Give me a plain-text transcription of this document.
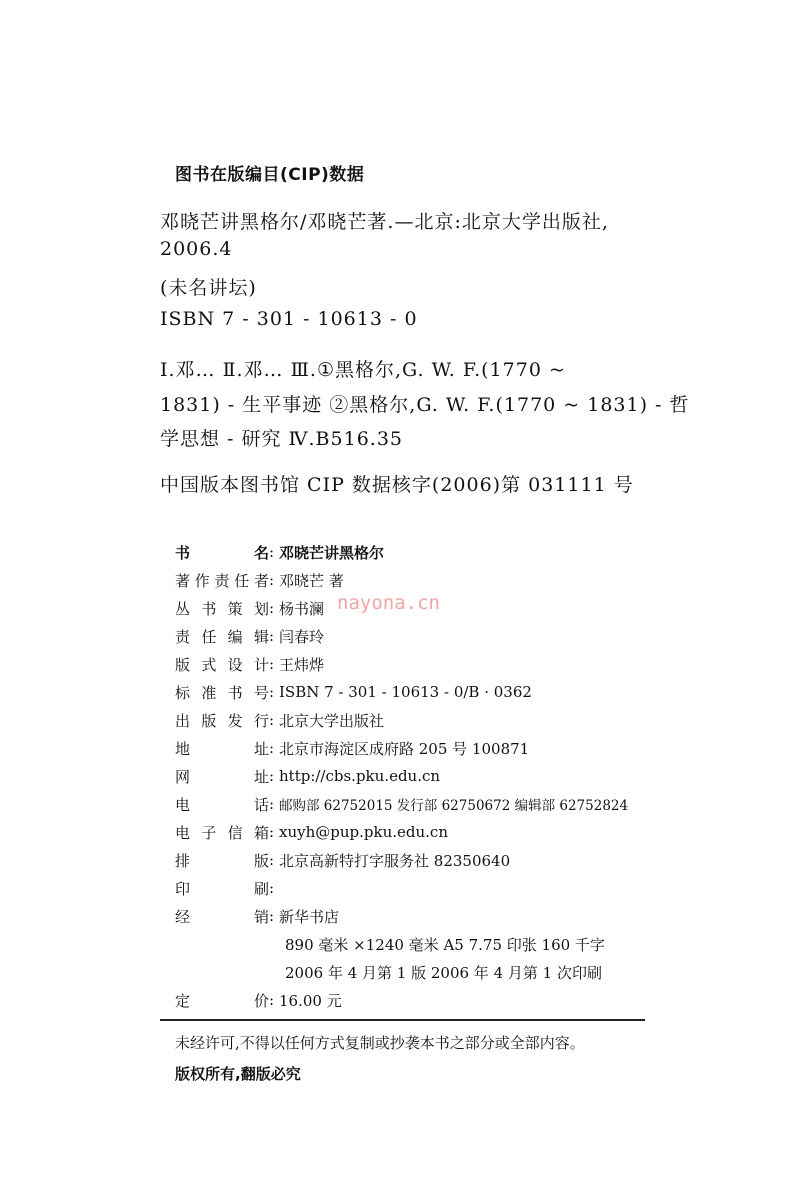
图书在版编目(CIP)数据
邓晓芒讲黑格尔/邓晓芒著.—北京:北京大学出版社,
2006.4
(未名讲坛)
ISBN 7 - 301 - 10613 - 0
Ⅰ.邓… Ⅱ.邓… Ⅲ.①黑格尔,G. W. F.(1770 ~
1831) - 生平事迹 ②黑格尔,G. W. F.(1770 ~ 1831) - 哲
学思想 - 研究 Ⅳ.B516.35
中国版本图书馆 CIP 数据核字(2006)第 031111 号
书名 : 邓晓芒讲黑格尔
著作责任者 : 邓晓芒 著
丛书策划 : 杨书澜
责任编辑 : 闫春玲
版式设计 : 王炜烨
标准书号 : ISBN 7 - 301 - 10613 - 0/B · 0362
出版发行 : 北京大学出版社
地址 : 北京市海淀区成府路 205 号 100871
网址 : http://cbs.pku.edu.cn
电话 : 邮购部 62752015 发行部 62750672 编辑部 62752824
电子信箱 : xuyh@pup.pku.edu.cn
排版 : 北京高新特打字服务社 82350640
印刷 :
经销 : 新华书店
890 毫米 ×1240 毫米 A5 7.75 印张 160 千字
2006 年 4 月第 1 版 2006 年 4 月第 1 次印刷
定价 : 16.00 元
未经许可,不得以任何方式复制或抄袭本书之部分或全部内容。
版权所有,翻版必究
nayona.cn
